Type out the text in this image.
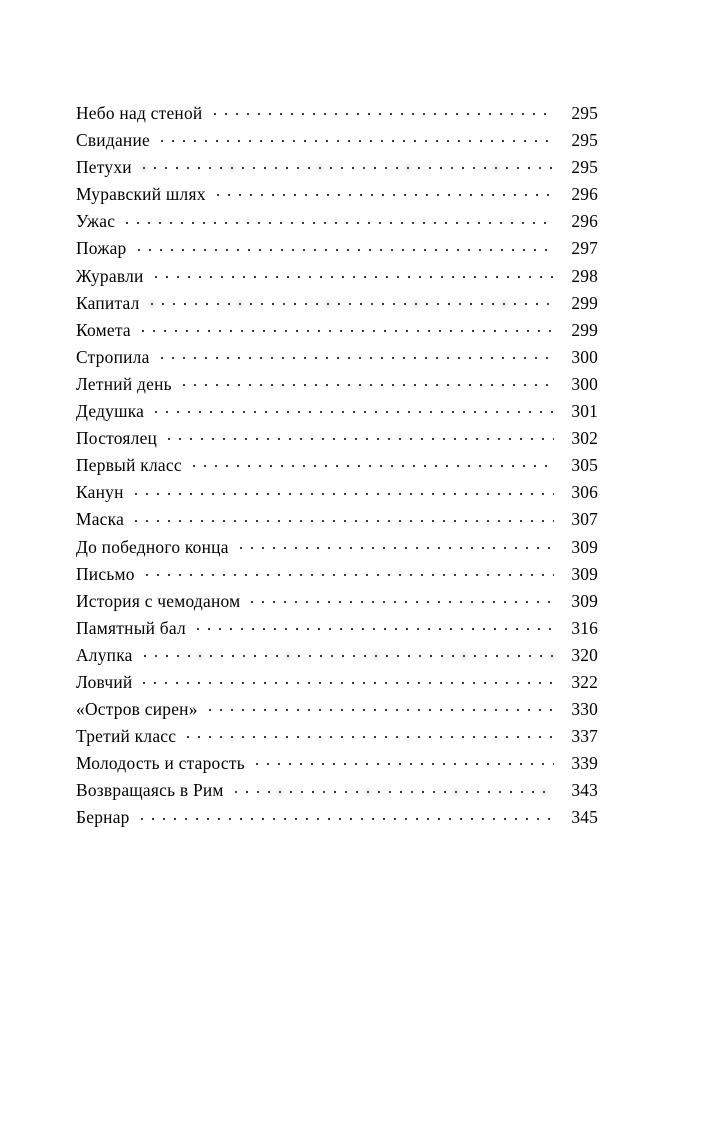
Небо над стеной	295
Свидание	295
Петухи	295
Муравский шлях	296
Ужас	296
Пожар	297
Журавли	298
Капитал	299
Комета	299
Стропила	300
Летний день	300
Дедушка	301
Постоялец	302
Первый класс	305
Канун	306
Маска	307
До победного конца	309
Письмо	309
История с чемоданом	309
Памятный бал	316
Алупка	320
Ловчий	322
«Остров сирен»	330
Третий класс	337
Молодость и старость	339
Возвращаясь в Рим	343
Бернар	345
